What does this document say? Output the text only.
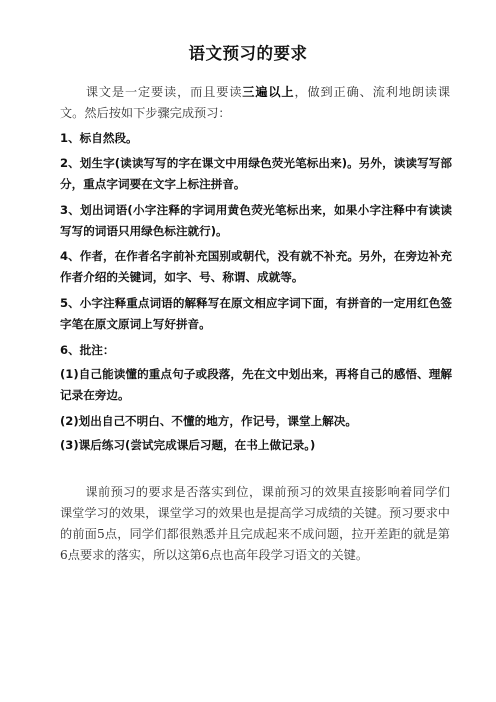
语文预习的要求
课文是一定要读，而且要读三遍以上，做到正确、流利地朗读课文。然后按如下步骤完成预习：
1、标自然段。
2、划生字(读读写写的字在课文中用绿色荧光笔标出来)。另外，读读写写部分，重点字词要在文字上标注拼音。
3、划出词语(小字注释的字词用黄色荧光笔标出来，如果小字注释中有读读写写的词语只用绿色标注就行)。
4、作者，在作者名字前补充国别或朝代，没有就不补充。另外，在旁边补充作者介绍的关键词，如字、号、称谓、成就等。
5、小字注释重点词语的解释写在原文相应字词下面，有拼音的一定用红色签字笔在原文原词上写好拼音。
6、批注：
(1)自己能读懂的重点句子或段落，先在文中划出来，再将自己的感悟、理解记录在旁边。
(2)划出自己不明白、不懂的地方，作记号，课堂上解决。
(3)课后练习(尝试完成课后习题，在书上做记录。)
课前预习的要求是否落实到位，课前预习的效果直接影响着同学们课堂学习的效果，课堂学习的效果也是提高学习成绩的关键。预习要求中的前面5点，同学们都很熟悉并且完成起来不成问题，拉开差距的就是第6点要求的落实，所以这第6点也高年段学习语文的关键。
